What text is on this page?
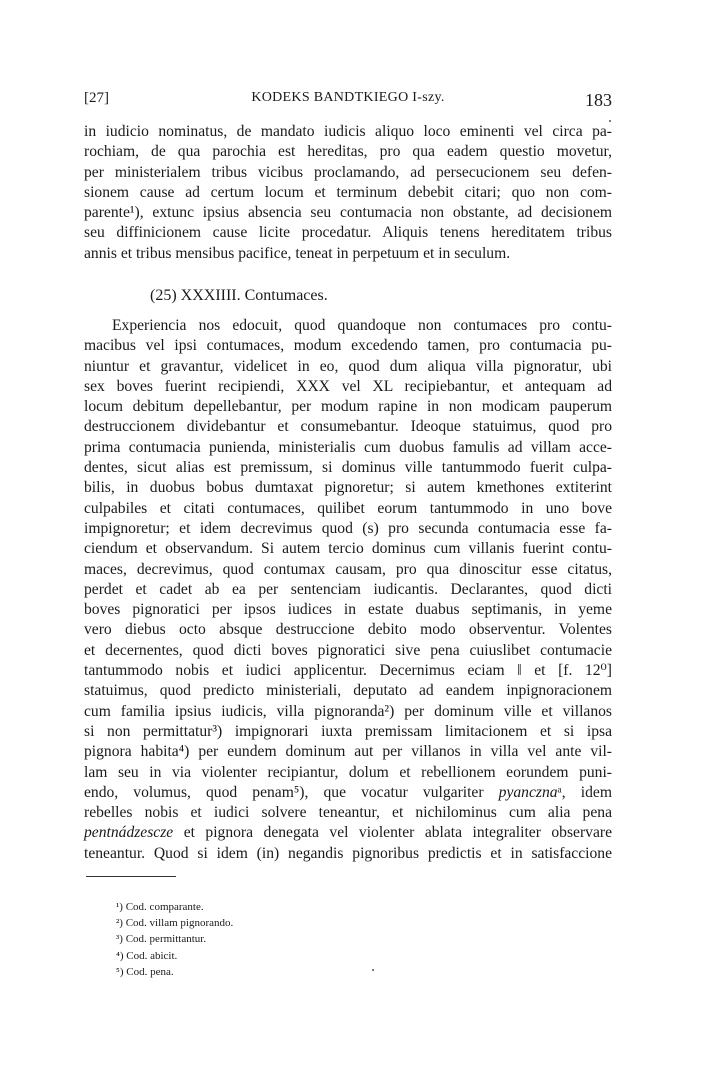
[27]	KODEKS BANDTKIEGO I-szy.	183
in iudicio nominatus, de mandato iudicis aliquo loco eminenti vel circa pa-
rochiam, de qua parochia est hereditas, pro qua eadem questio movetur,
per ministerialem tribus vicibus proclamando, ad persecucionem seu defen-
sionem cause ad certum locum et terminum debebit citari; quo non com-
parente¹), extunc ipsius absencia seu contumacia non obstante, ad decisionem
seu diffinicionem cause licite procedatur. Aliquis tenens hereditatem tribus
annis et tribus mensibus pacifice, teneat in perpetuum et in seculum.
(25) XXXIIII. Contumaces.
Experiencia nos edocuit, quod quandoque non contumaces pro contu-
macibus vel ipsi contumaces, modum excedendo tamen, pro contumacia pu-
niuntur et gravantur, videlicet in eo, quod dum aliqua villa pignoratur, ubi
sex boves fuerint recipiendi, XXX vel XL recipiebantur, et antequam ad
locum debitum depellebantur, per modum rapine in non modicam pauperum
destruccionem dividebantur et consumebantur. Ideoque statuimus, quod pro
prima contumacia punienda, ministerialis cum duobus famulis ad villam acce-
dentes, sicut alias est premissum, si dominus ville tantummodo fuerit culpa-
bilis, in duobus bobus dumtaxat pignoretur; si autem kmethones extiterint
culpabiles et citati contumaces, quilibet eorum tantummodo in uno bove
impignoretur; et idem decrevimus quod (s) pro secunda contumacia esse fa-
ciendum et observandum. Si autem tercio dominus cum villanis fuerint contu-
maces, decrevimus, quod contumax causam, pro qua dinoscitur esse citatus,
perdet et cadet ab ea per sentenciam iudicantis. Declarantes, quod dicti
boves pignoratici per ipsos iudices in estate duabus septimanis, in yeme
vero diebus octo absque destruccione debito modo observentur. Volentes
et decernentes, quod dicti boves pignoratici sive pena cuiuslibet contumacie
tantummodo nobis et iudici applicentur. Decernimus eciam ‖ et [f. 12⁰]
statuimus, quod predicto ministeriali, deputato ad eandem inpignoracionem
cum familia ipsius iudicis, villa pignoranda²) per dominum ville et villanos
si non permittatur³) impignorari iuxta premissam limitacionem et si ipsa
pignora habita⁴) per eundem dominum aut per villanos in villa vel ante vil-
lam seu in via violenter recipiantur, dolum et rebellionem eorundem puni-
endo, volumus, quod penam⁵), que vocatur vulgariter pyancznaᵃ, idem
rebelles nobis et iudici solvere teneantur, et nichilominus cum alia pena
pentnádzescze et pignora denegata vel violenter ablata integraliter observare
teneantur. Quod si idem (in) negandis pignoribus predictis et in satisfaccione
¹) Cod. comparante.
²) Cod. villam pignorando.
³) Cod. permittantur.
⁴) Cod. abicit.
⁵) Cod. pena.
